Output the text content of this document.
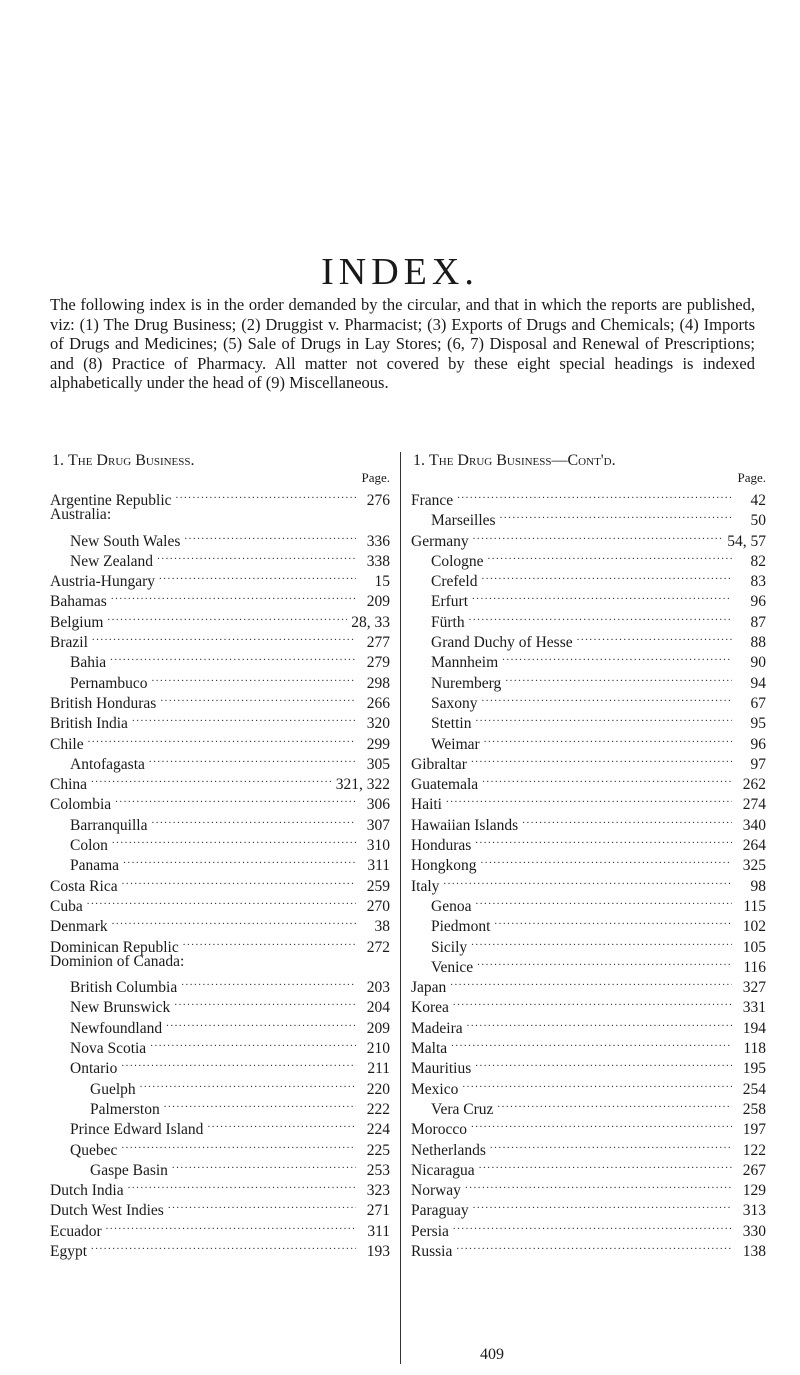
INDEX.

The following index is in the order demanded by the circular, and that in which the reports are published, viz: (1) The Drug Business; (2) Druggist v. Pharmacist; (3) Exports of Drugs and Chemicals; (4) Imports of Drugs and Medicines; (5) Sale of Drugs in Lay Stores; (6, 7) Disposal and Renewal of Prescriptions; and (8) Practice of Pharmacy. All matter not covered by these eight special headings is indexed alphabetically under the head of (9) Miscellaneous.

1. The Drug Business.
Page.
Argentine Republic .....	276
Australia:
New South Wales .....	336
New Zealand .....	338
Austria-Hungary .....	15
Bahamas .....	209
Belgium .....	28, 33
Brazil .....	277
Bahia .....	279
Pernambuco .....	298
British Honduras .....	266
British India .....	320
Chile .....	299
Antofagasta .....	305
China .....	321, 322
Colombia .....	306
Barranquilla .....	307
Colon .....	310
Panama .....	311
Costa Rica .....	259
Cuba .....	270
Denmark .....	38
Dominican Republic .....	272
Dominion of Canada:
British Columbia .....	203
New Brunswick .....	204
Newfoundland .....	209
Nova Scotia .....	210
Ontario .....	211
Guelph .....	220
Palmerston .....	222
Prince Edward Island .....	224
Quebec .....	225
Gaspe Basin .....	253
Dutch India .....	323
Dutch West Indies .....	271
Ecuador .....	311
Egypt .....	193
1. The Drug Business—Cont'd.
Page.
France .....	42
Marseilles .....	50
Germany .....	54, 57
Cologne .....	82
Crefeld .....	83
Erfurt .....	96
Fürth .....	87
Grand Duchy of Hesse .....	88
Mannheim .....	90
Nuremberg .....	94
Saxony .....	67
Stettin .....	95
Weimar .....	96
Gibraltar .....	97
Guatemala .....	262
Haiti .....	274
Hawaiian Islands .....	340
Honduras .....	264
Hongkong .....	325
Italy .....	98
Genoa .....	115
Piedmont .....	102
Sicily .....	105
Venice .....	116
Japan .....	327
Korea .....	331
Madeira .....	194
Malta .....	118
Mauritius .....	195
Mexico .....	254
Vera Cruz .....	258
Morocco .....	197
Netherlands .....	122
Nicaragua .....	267
Norway .....	129
Paraguay .....	313
Persia .....	330
Russia .....	138
409
